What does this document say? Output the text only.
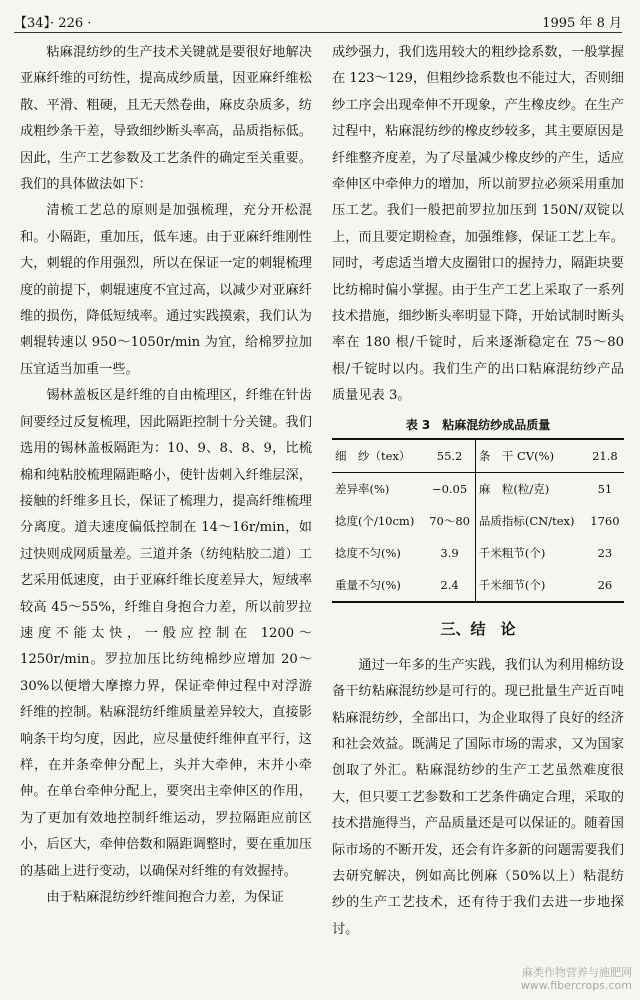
【34】· 226 ·	1995 年 8 月

粘麻混纺纱的生产技术关键就是要很好地解决亚麻纤维的可纺性，提高成纱质量，因亚麻纤维松散、平滑、粗硬，且无天然卷曲，麻皮杂质多，纺成粗纱条干差，导致细纱断头率高，品质指标低。因此，生产工艺参数及工艺条件的确定至关重要。我们的具体做法如下：

清梳工艺总的原则是加强梳理，充分开松混和。小隔距，重加压，低车速。由于亚麻纤维刚性大，刺辊的作用强烈，所以在保证一定的刺辊梳理度的前提下，刺辊速度不宜过高，以减少对亚麻纤维的损伤，降低短绒率。通过实践摸索，我们认为刺辊转速以 950～1050r/min 为宜，给棉罗拉加压宜适当加重一些。

锡林盖板区是纤维的自由梳理区，纤维在针齿间要经过反复梳理，因此隔距控制十分关键。我们选用的锡林盖板隔距为：10、9、8、8、9，比梳棉和纯粘胶梳理隔距略小，使针齿刺入纤维层深，接触的纤维多且长，保证了梳理力，提高纤维梳理分离度。道夫速度偏低控制在 14～16r/min，如过快则成网质量差。三道并条（纺纯粘胶二道）工艺采用低速度，由于亚麻纤维长度差异大，短绒率较高 45～55%，纤维自身抱合力差，所以前罗拉速度不能太快，一般应控制在 1200～1250r/min。罗拉加压比纺纯棉纱应增加 20～30%以便增大摩擦力界，保证牵伸过程中对浮游纤维的控制。粘麻混纺纤维质量差异较大，直接影响条干均匀度，因此，应尽量使纤维伸直平行，这样，在并条牵伸分配上，头并大牵伸，末并小牵伸。在单台牵伸分配上，要突出主牵伸区的作用，为了更加有效地控制纤维运动，罗拉隔距应前区小，后区大，牵伸倍数和隔距调整时，要在重加压的基础上进行变动，以确保对纤维的有效握持。

由于粘麻混纺纱纤维间抱合力差，为保证

成纱强力，我们选用较大的粗纱捻系数，一般掌握在 123～129，但粗纱捻系数也不能过大，否则细纱工序会出现牵伸不开现象，产生橡皮纱。在生产过程中，粘麻混纺纱的橡皮纱较多，其主要原因是纤维整齐度差，为了尽量减少橡皮纱的产生，适应牵伸区中牵伸力的增加，所以前罗拉必须采用重加压工艺。我们一般把前罗拉加压到 150N/双锭以上，而且要定期检查，加强维修，保证工艺上车。同时，考虑适当增大皮圈钳口的握持力，隔距块要比纺棉时偏小掌握。由于生产工艺上采取了一系列技术措施，细纱断头率明显下降，开始试制时断头率在 180 根/千锭时，后来逐渐稳定在 75～80 根/千锭时以内。我们生产的出口粘麻混纺纱产品质量见表 3。

表 3　粘麻混纺纱成品质量
细　纱（tex）	55.2	条　干 CV(%)	21.8
差异率(%)	−0.05	麻　粒(粒/克)	51
捻度(个/10cm)	70～80	品质指标(CN/tex)	1760
捻度不匀(%)	3.9	千米粗节(个)	23
重量不匀(%)	2.4	千米细节(个)	26
三、结　论

通过一年多的生产实践，我们认为利用棉纺设备干纺粘麻混纺纱是可行的。现已批量生产近百吨粘麻混纺纱，全部出口，为企业取得了良好的经济和社会效益。既满足了国际市场的需求，又为国家创取了外汇。粘麻混纺纱的生产工艺虽然难度很大，但只要工艺参数和工艺条件确定合理，采取的技术措施得当，产品质量还是可以保证的。随着国际市场的不断开发，还会有许多新的问题需要我们去研究解决，例如高比例麻（50%以上）粘混纺纱的生产工艺技术，还有待于我们去进一步地探讨。

麻类作物营养与施肥网
www.fibercrops.com
